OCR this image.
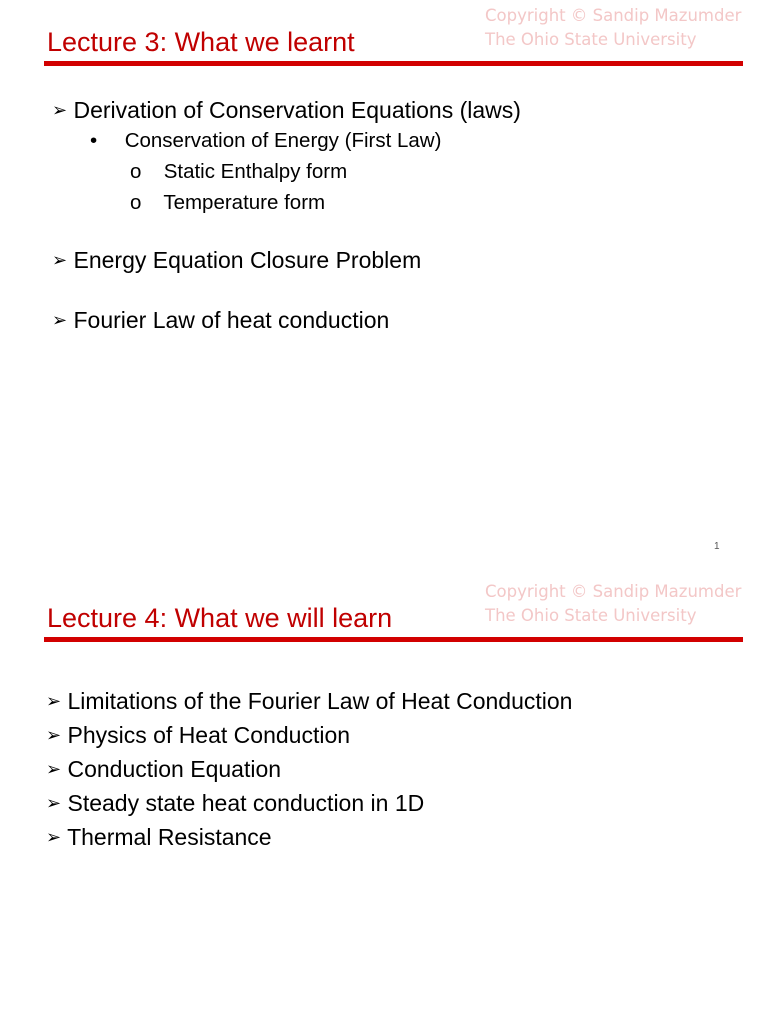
Copyright © Sandip Mazumder
The Ohio State University
Lecture 3: What we learnt
➢ Derivation of Conservation Equations (laws)
• Conservation of Energy (First Law)
o Static Enthalpy form
o Temperature form
➢ Energy Equation Closure Problem
➢ Fourier Law of heat conduction
1
Copyright © Sandip Mazumder
The Ohio State University
Lecture 4: What we will learn
➢ Limitations of the Fourier Law of Heat Conduction
➢ Physics of Heat Conduction
➢ Conduction Equation
➢ Steady state heat conduction in 1D
➢ Thermal Resistance
